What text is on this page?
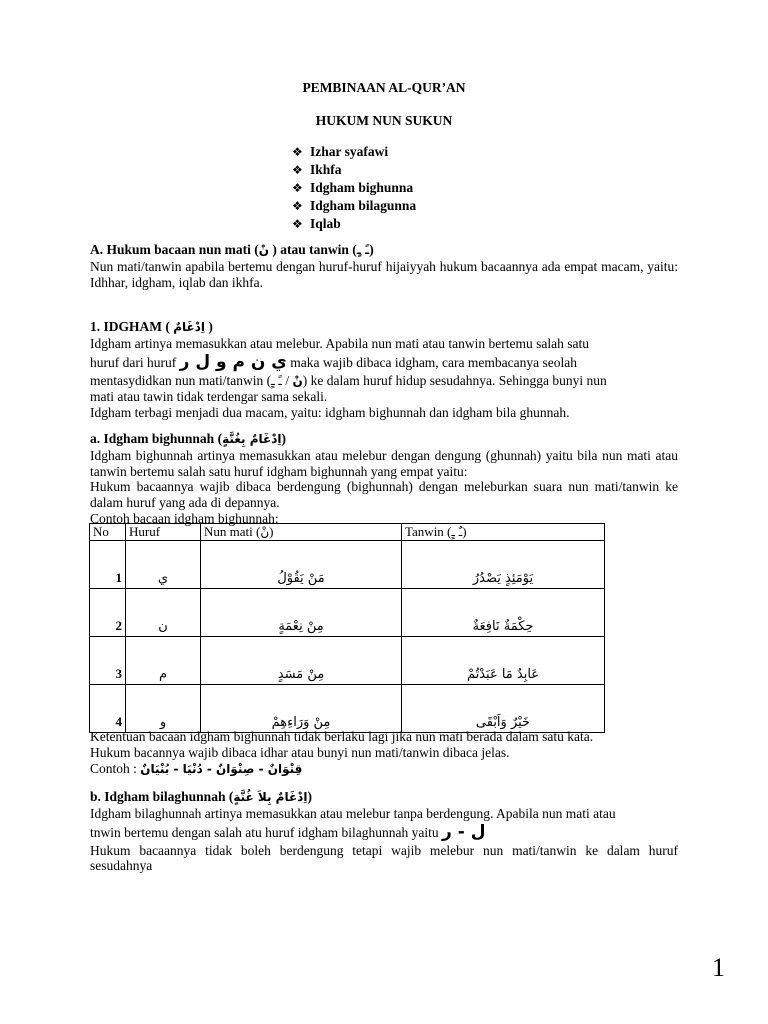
PEMBINAAN AL-QUR’AN
HUKUM NUN SUKUN
❖ Izhar syafawi
❖ Ikhfa
❖ Idgham bighunna
❖ Idgham bilagunna
❖ Iqlab
A. Hukum bacaan nun mati (نْ ) atau tanwin (ـً ـٍ)
Nun mati/tanwin apabila bertemu dengan huruf-huruf hijaiyyah hukum bacaannya ada empat macam, yaitu: Idhhar, idgham, iqlab dan ikhfa.
1. IDGHAM ( اِدْغَامٌ )
Idgham artinya memasukkan atau melebur. Apabila nun mati atau tanwin bertemu salah satu
huruf dari huruf ي ن م و ل ر maka wajib dibaca idgham, cara membacanya seolah
mentasydidkan nun mati/tanwin ( نْ / ـً ـٍ ) ke dalam huruf hidup sesudahnya. Sehingga bunyi nun
mati atau tawin tidak terdengar sama sekali.
Idgham terbagi menjadi dua macam, yaitu: idgham bighunnah dan idgham bila ghunnah.
a. Idgham bighunnah (اِدْغَامٌ بِغُنَّةٍ)
Idgham bighunnah artinya memasukkan atau melebur dengan dengung (ghunnah) yaitu bila nun mati atau tanwin bertemu salah satu huruf idgham bighunnah yang empat yaitu:
Hukum bacaannya wajib dibaca berdengung (bighunnah) dengan meleburkan suara nun mati/tanwin ke dalam huruf yang ada di depannya.
Contoh bacaan idgham bighunnah:
No	Huruf	Nun mati (نْ)	Tanwin (ـٌ ـٍ)
1	ي	مَنْ يَقُوْلُ	يَوْمَئِذٍ يَصْدُرُ
2	ن	مِنْ نِعْمَةٍ	حِكْمَةٌ نَافِعَةٌ
3	م	مِنْ مَسَدٍ	عَابِدٌ مَا عَبَدْتُمْ
4	و	مِنْ وَرَاءِهِمْ	خَيْرٌ وَاَبْقَى
Ketentuan bacaan idgham bighunnah tidak berlaku lagi jika nun mati berada dalam satu kata.
Hukum bacannya wajib dibaca idhar atau bunyi nun mati/tanwin dibaca jelas.
Contoh : قِنْوَانٌ - صِنْوَانٌ - دُنْيَا - بُنْيَانٌ
b. Idgham bilaghunnah (اِدْغَامٌ بِلاَ غُنَّةٍ)
Idgham bilaghunnah artinya memasukkan atau melebur tanpa berdengung. Apabila nun mati atau
tnwin bertemu dengan salah atu huruf idgham bilaghunnah yaitu ل - ر
Hukum bacaannya tidak boleh berdengung tetapi wajib melebur nun mati/tanwin ke dalam huruf sesudahnya
1
